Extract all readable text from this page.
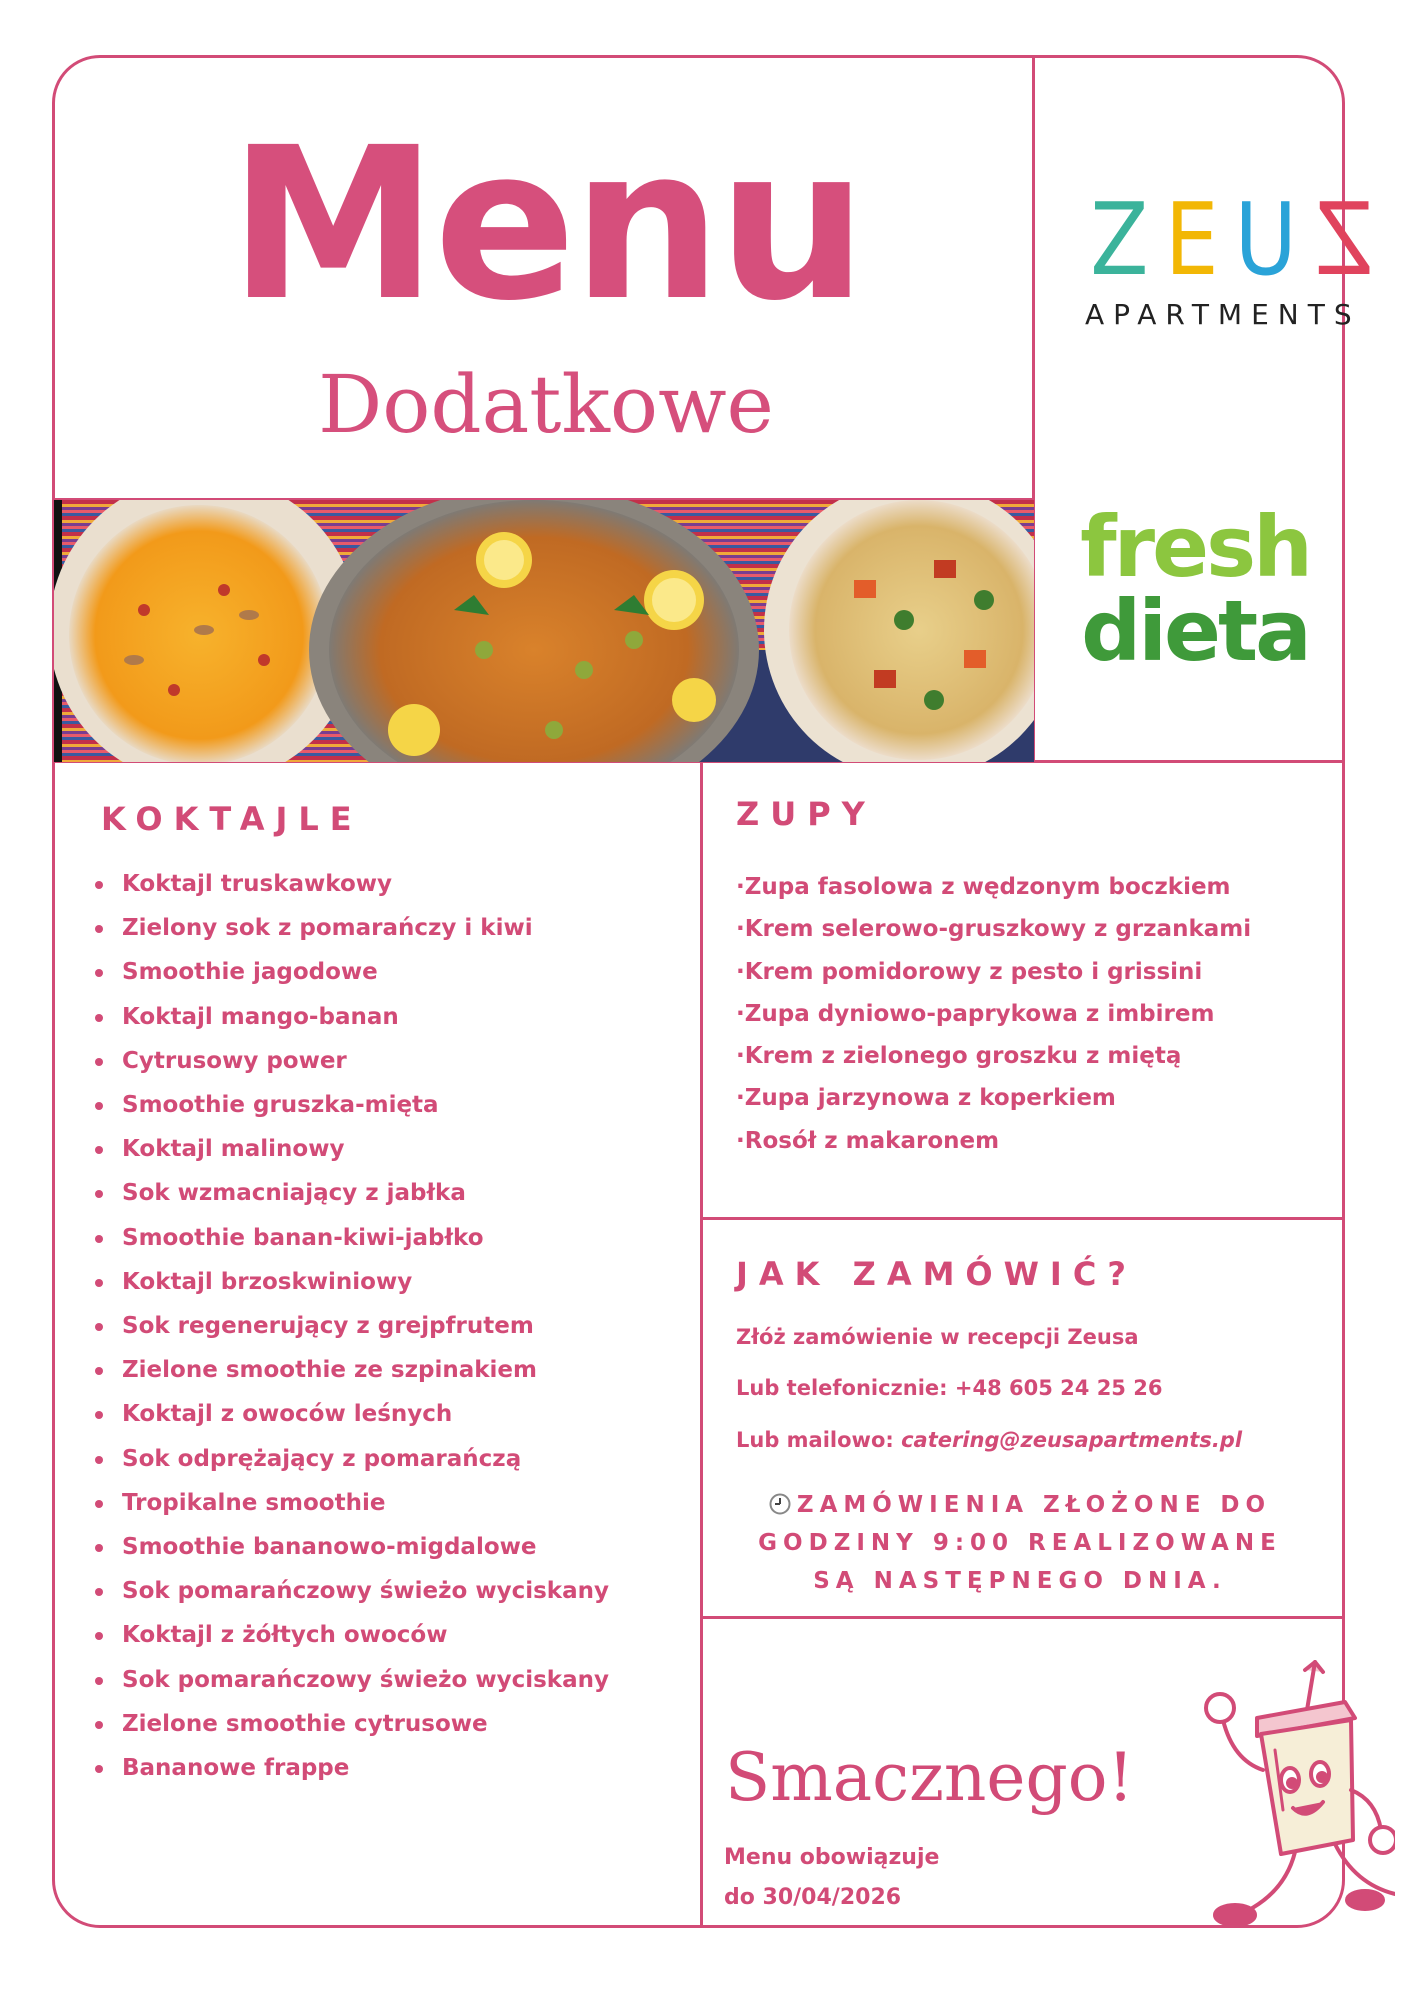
Menu
Dodatkowe
Z E U Z
APARTMENTS
fresh
dieta
KOKTAJLE
Koktajl truskawkowy
Zielony sok z pomarańczy i kiwi
Smoothie jagodowe
Koktajl mango-banan
Cytrusowy power
Smoothie gruszka-mięta
Koktajl malinowy
Sok wzmacniający z jabłka
Smoothie banan-kiwi-jabłko
Koktajl brzoskwiniowy
Sok regenerujący z grejpfrutem
Zielone smoothie ze szpinakiem
Koktajl z owoców leśnych
Sok odprężający z pomarańczą
Tropikalne smoothie
Smoothie bananowo-migdalowe
Sok pomarańczowy świeżo wyciskany
Koktajl z żółtych owoców
Sok pomarańczowy świeżo wyciskany
Zielone smoothie cytrusowe
Bananowe frappe
ZUPY
·Zupa fasolowa z wędzonym boczkiem
·Krem selerowo-gruszkowy z grzankami
·Krem pomidorowy z pesto i grissini
·Zupa dyniowo-paprykowa z imbirem
·Krem z zielonego groszku z miętą
·Zupa jarzynowa z koperkiem
·Rosół z makaronem
JAK ZAMÓWIĆ?
Złóż zamówienie w recepcji Zeusa
Lub telefonicznie: +48 605 24 25 26
Lub mailowo: catering@zeusapartments.pl
ZAMÓWIENIA ZŁOŻONE DO
GODZINY 9:00 REALIZOWANE
SĄ NASTĘPNEGO DNIA.
Smacznego!
Menu obowiązuje
do 30/04/2026
